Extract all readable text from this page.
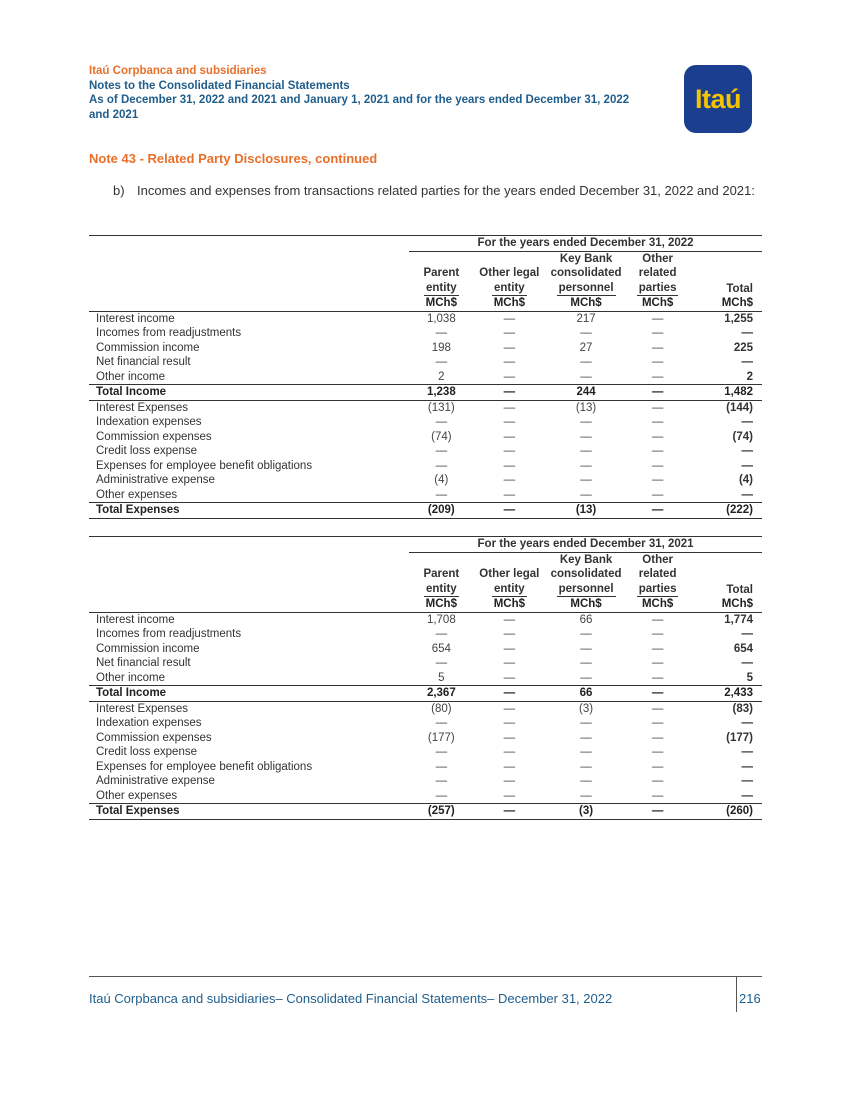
Itaú Corpbanca and subsidiaries
Notes to the Consolidated Financial Statements
As of December 31, 2022 and 2021 and January 1, 2021 and for the years ended December 31, 2022
and 2021
Itaú
Note 43 - Related Party Disclosures, continued
b) Incomes and expenses from transactions related parties for the years ended December 31, 2022 and 2021:

	For the years ended December 31, 2022				
	Parent
entity	Other legal
entity	Key Bank
consolidated
personnel	Other
related
parties	Total
	MCh$	MCh$	MCh$	MCh$	MCh$
Interest income	1,038	—	217	—	1,255
Incomes from readjustments	—	—	—	—	—
Commission income	198	—	27	—	225
Net financial result	—	—	—	—	—
Other income	2	—	—	—	2
Total Income	1,238	—	244	—	1,482
Interest Expenses	(131)	—	(13)	—	(144)
Indexation expenses	—	—	—	—	—
Commission expenses	(74)	—	—	—	(74)
Credit loss expense	—	—	—	—	—
Expenses for employee benefit obligations	—	—	—	—	—
Administrative expense	(4)	—	—	—	(4)
Other expenses	—	—	—	—	—
Total Expenses	(209)	—	(13)	—	(222)

	For the years ended December 31, 2021				
	Parent
entity	Other legal
entity	Key Bank
consolidated
personnel	Other
related
parties	Total
	MCh$	MCh$	MCh$	MCh$	MCh$
Interest income	1,708	—	66	—	1,774
Incomes from readjustments	—	—	—	—	—
Commission income	654	—	—	—	654
Net financial result	—	—	—	—	—
Other income	5	—	—	—	5
Total Income	2,367	—	66	—	2,433
Interest Expenses	(80)	—	(3)	—	(83)
Indexation expenses	—	—	—	—	—
Commission expenses	(177)	—	—	—	(177)
Credit loss expense	—	—	—	—	—
Expenses for employee benefit obligations	—	—	—	—	—
Administrative expense	—	—	—	—	—
Other expenses	—	—	—	—	—
Total Expenses	(257)	—	(3)	—	(260)
Itaú Corpbanca and subsidiaries– Consolidated Financial Statements– December 31, 2022	216
